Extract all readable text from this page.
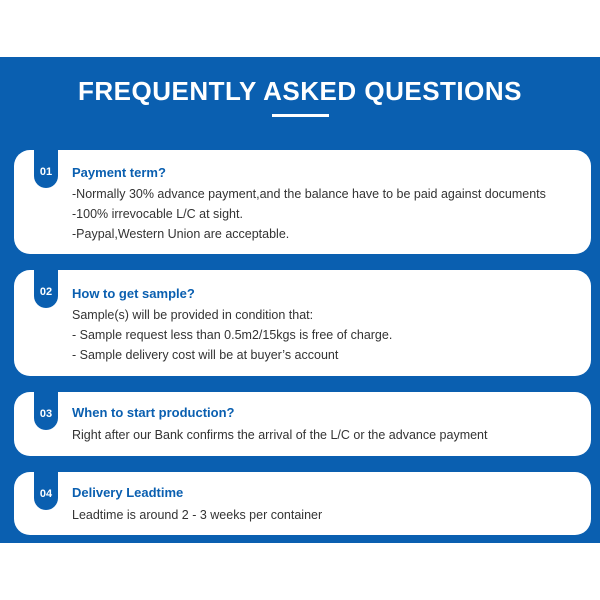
FREQUENTLY ASKED QUESTIONS
01	Payment term?
-Normally 30% advance payment,and the balance have to be paid against documents
-100% irrevocable L/C at sight.
-Paypal,Western Union are acceptable.
02	How to get sample?
Sample(s) will be provided in condition that:
- Sample request less than 0.5m2/15kgs is free of charge.
- Sample delivery cost will be at buyer’s account
03	When to start production?
Right after our Bank confirms the arrival of the L/C or the advance payment
04	Delivery Leadtime
Leadtime is around 2 - 3 weeks per container
